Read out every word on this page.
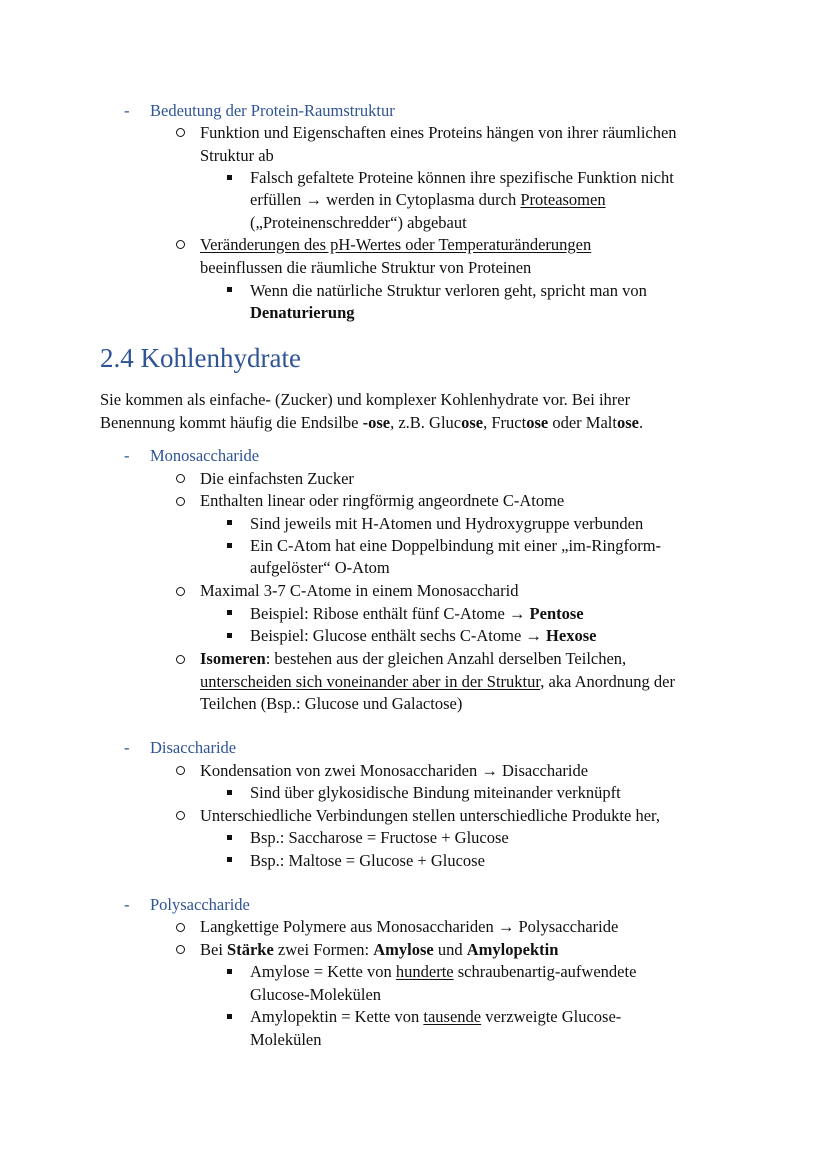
- Bedeutung der Protein-Raumstruktur
Funktion und Eigenschaften eines Proteins hängen von ihrer räumlichen
Struktur ab
Falsch gefaltete Proteine können ihre spezifische Funktion nicht
erfüllen → werden in Cytoplasma durch Proteasomen
(„Proteinenschredder“) abgebaut
Veränderungen des pH-Wertes oder Temperaturänderungen
beeinflussen die räumliche Struktur von Proteinen
Wenn die natürliche Struktur verloren geht, spricht man von
Denaturierung
2.4 Kohlenhydrate
Sie kommen als einfache- (Zucker) und komplexer Kohlenhydrate vor. Bei ihrer
Benennung kommt häufig die Endsilbe -ose, z.B. Glucose, Fructose oder Maltose.
- Monosaccharide
Die einfachsten Zucker
Enthalten linear oder ringförmig angeordnete C-Atome
Sind jeweils mit H-Atomen und Hydroxygruppe verbunden
Ein C-Atom hat eine Doppelbindung mit einer „im-Ringform-
aufgelöster“ O-Atom
Maximal 3-7 C-Atome in einem Monosaccharid
Beispiel: Ribose enthält fünf C-Atome → Pentose
Beispiel: Glucose enthält sechs C-Atome → Hexose
Isomeren: bestehen aus der gleichen Anzahl derselben Teilchen,
unterscheiden sich voneinander aber in der Struktur, aka Anordnung der
Teilchen (Bsp.: Glucose und Galactose)
- Disaccharide
Kondensation von zwei Monosacchariden → Disaccharide
Sind über glykosidische Bindung miteinander verknüpft
Unterschiedliche Verbindungen stellen unterschiedliche Produkte her,
Bsp.: Saccharose = Fructose + Glucose
Bsp.: Maltose = Glucose + Glucose
- Polysaccharide
Langkettige Polymere aus Monosacchariden → Polysaccharide
Bei Stärke zwei Formen: Amylose und Amylopektin
Amylose = Kette von hunderte schraubenartig-aufwendete
Glucose-Molekülen
Amylopektin = Kette von tausende verzweigte Glucose-
Molekülen
